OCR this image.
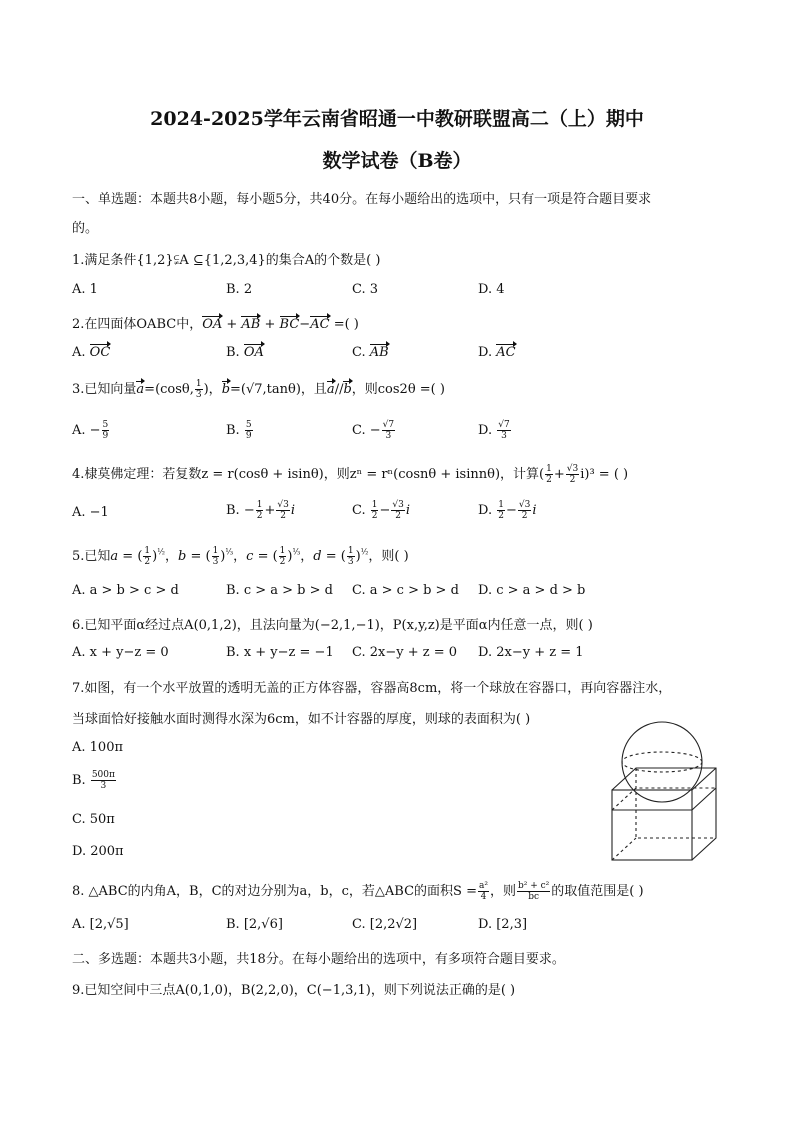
2024-2025学年云南省昭通一中教研联盟高二（上）期中
数学试卷（B卷）
一、单选题：本题共8小题，每小题5分，共40分。在每小题给出的选项中，只有一项是符合题目要求
的。
1.满足条件{1,2}⫋A ⊆{1,2,3,4}的集合A的个数是( )
A. 1	B. 2	C. 3	D. 4
2.在四面体OABC中，OA + AB + BC−AC =( )
A. OC	B. OA	C. AB	D. AC
3.已知向量a=(cosθ, $\frac{1}{3}$ )，b=(√7,tanθ)，且a//b，则cos2θ =( )
A. − $\frac{5}{9}$	B. $\frac{5}{9}$	C. − $\frac{√7}{3}$	D. $\frac{√7}{3}$
4.棣莫佛定理：若复数z = r(cosθ + isinθ)，则zⁿ = rⁿ(cosnθ + isinnθ)，计算( $\frac{1}{2} + \frac{√3}{2} i)^3$ = ( )
A. −1	B. − $\frac{1}{2} + \frac{√3}{2}$ i	C. $\frac{1}{2} - \frac{√3}{2}$ i	D. $\frac{1}{2} - \frac{√3}{2}$ i
5.已知a = ( $\frac{1}{2} )^{\frac{1}{2}}$，b = ( $\frac{1}{3} )^{\frac{1}{3}}$，c = ( $\frac{1}{2} )^{\frac{1}{3}}$，d = ( $\frac{1}{3} )^{\frac{1}{2}}$，则( )
A. a > b > c > d	B. c > a > b > d C. a > c > b > d D. c > a > d > b
6.已知平面α经过点A(0,1,2)，且法向量为(−2,1,−1)，P(x,y,z)是平面α内任意一点，则( )
A. x + y−z = 0	B. x + y−z = −1 C. 2x−y + z = 0 D. 2x−y + z = 1
7.如图，有一个水平放置的透明无盖的正方体容器，容器高8cm，将一个球放在容器口，再向容器注水，
当球面恰好接触水面时测得水深为6cm，如不计容器的厚度，则球的表面积为( )
A. 100π
B. $\frac{500\pi}{3}$
C. 50π
D. 200π
8. △ABC的内角A，B，C的对边分别为a，b，c，若△ABC的面积$S = \frac{\text{a²}}{4}$ ，则 $\frac{\text{b² + c²}}{bc}$ 的取值范围是( )
A. [2,√5]	B. [2,√6]	C. [2,2√2]	D. [2,3]
二、多选题：本题共3小题，共18分。在每小题给出的选项中，有多项符合题目要求。
9.已知空间中三点A(0,1,0)，B(2,2,0)，C(−1,3,1)，则下列说法正确的是( )
